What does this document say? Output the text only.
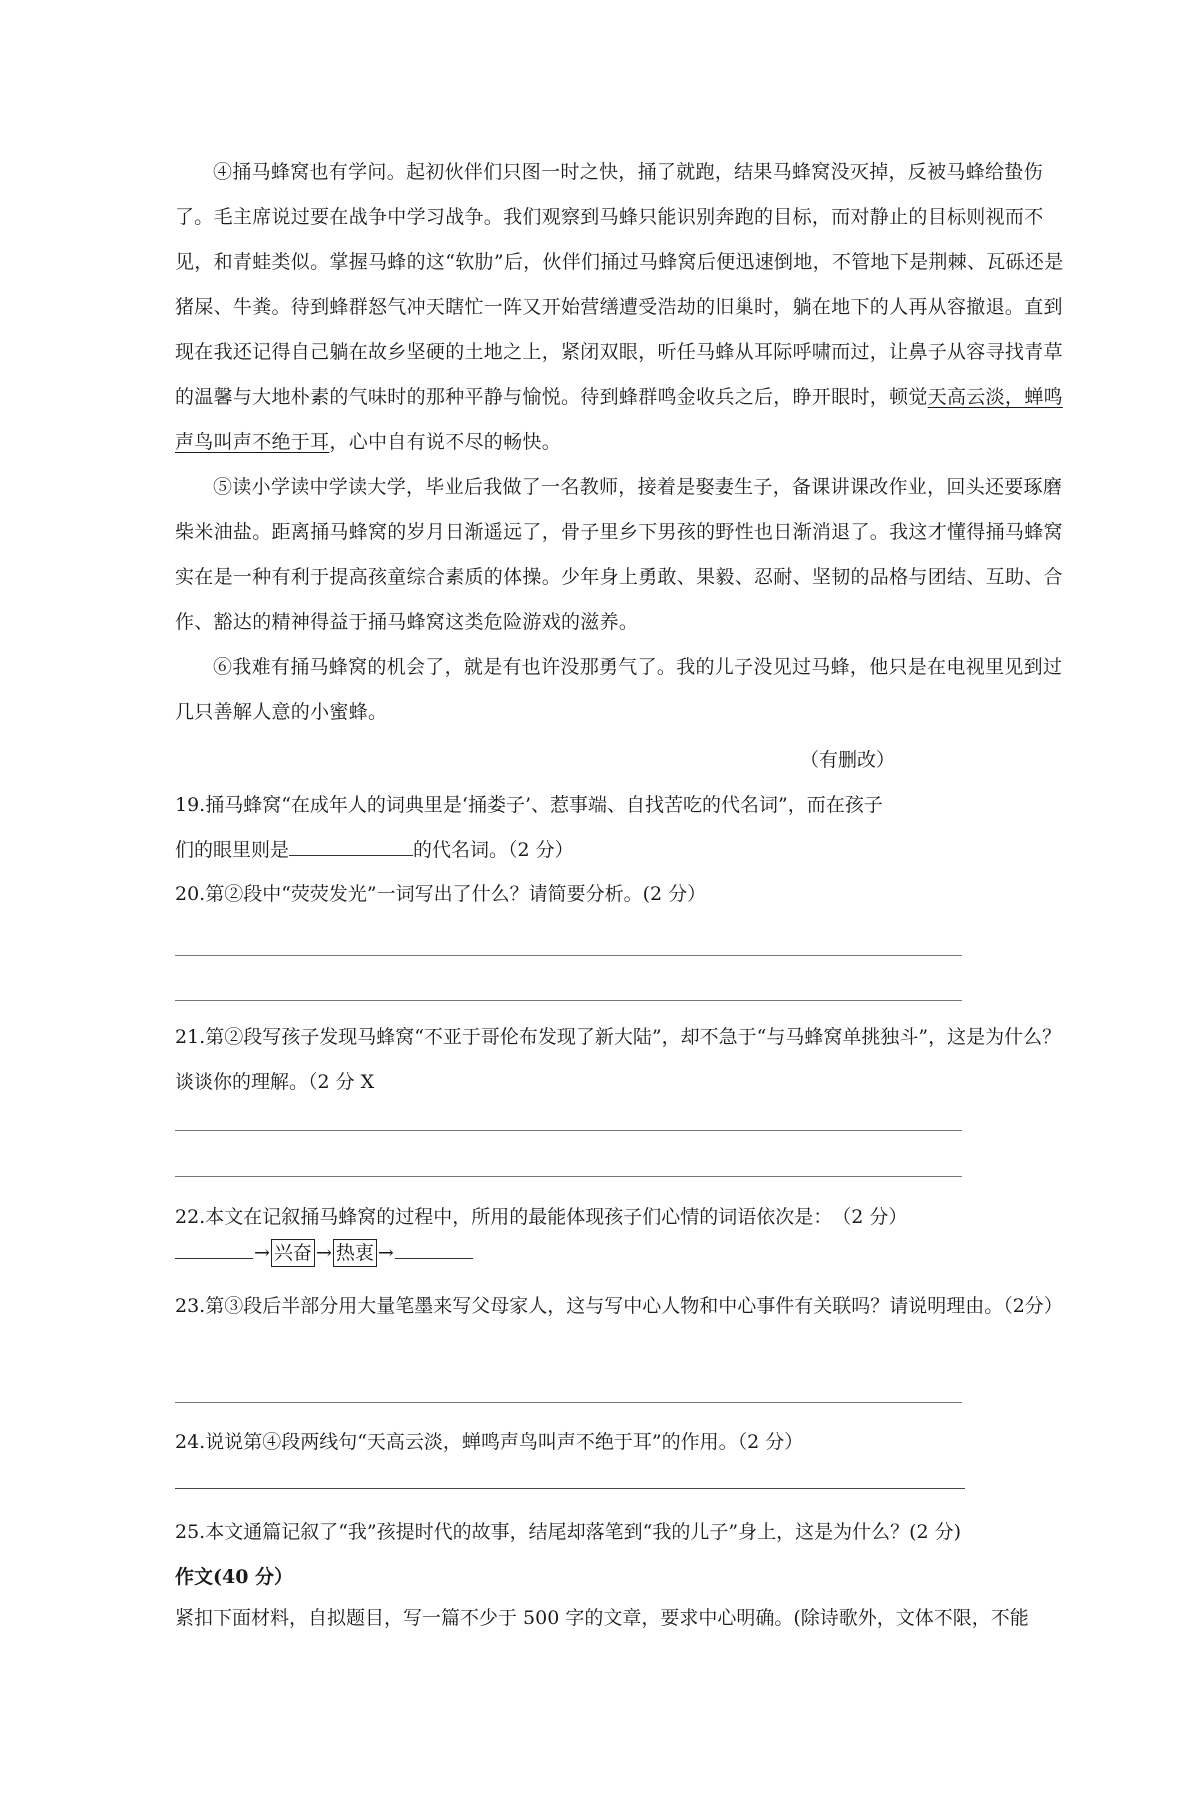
④捅马蜂窝也有学问。起初伙伴们只图一时之快，捅了就跑，结果马蜂窝没灭掉，反被马蜂给蛰伤了。毛主席说过要在战争中学习战争。我们观察到马蜂只能识别奔跑的目标，而对静止的目标则视而不见，和青蛙类似。掌握马蜂的这“软肋”后，伙伴们捅过马蜂窝后便迅速倒地，不管地下是荆棘、瓦砾还是猪屎、牛粪。待到蜂群怒气冲天瞎忙一阵又开始营缮遭受浩劫的旧巢时，躺在地下的人再从容撤退。直到现在我还记得自己躺在故乡坚硬的土地之上，紧闭双眼，听任马蜂从耳际呼啸而过，让鼻子从容寻找青草的温馨与大地朴素的气味时的那种平静与愉悦。待到蜂群鸣金收兵之后，睁开眼时，顿觉天高云淡，蝉鸣声鸟叫声不绝于耳，心中自有说不尽的畅快。
⑤读小学读中学读大学，毕业后我做了一名教师，接着是娶妻生子，备课讲课改作业，回头还要琢磨柴米油盐。距离捅马蜂窝的岁月日渐遥远了，骨子里乡下男孩的野性也日渐消退了。我这才懂得捅马蜂窝实在是一种有利于提高孩童综合素质的体操。少年身上勇敢、果毅、忍耐、坚韧的品格与团结、互助、合作、豁达的精神得益于捅马蜂窝这类危险游戏的滋养。
⑥我难有捅马蜂窝的机会了，就是有也许没那勇气了。我的儿子没见过马蜂，他只是在电视里见到过几只善解人意的小蜜蜂。
（有删改）
19.捅马蜂窝“在成年人的词典里是‘捅娄子’、惹事端、自找苦吃的代名词”，而在孩子
们的眼里则是	的代名词。（2 分）
20.第②段中“荧荧发光”一词写出了什么？请简要分析。(2 分）
21.第②段写孩子发现马蜂窝“不亚于哥伦布发现了新大陆”，却不急于“与马蜂窝单挑独斗”，这是为什么？谈谈你的理解。（2 分 X
22.本文在记叙捅马蜂窝的过程中，所用的最能体现孩子们心情的词语依次是：　（2 分）
→ 兴奋 → 热衷 →
23.第③段后半部分用大量笔墨来写父母家人，这与写中心人物和中心事件有关联吗？请说明理由。（2分）
24.说说第④段两线句“天高云淡，蝉鸣声鸟叫声不绝于耳”的作用。（2 分）
25.本文通篇记叙了“我”孩提时代的故事，结尾却落笔到“我的儿子”身上，这是为什么？(2 分)
作文(40 分）
紧扣下面材料，自拟题目，写一篇不少于 500 字的文章，要求中心明确。(除诗歌外，文体不限，不能
